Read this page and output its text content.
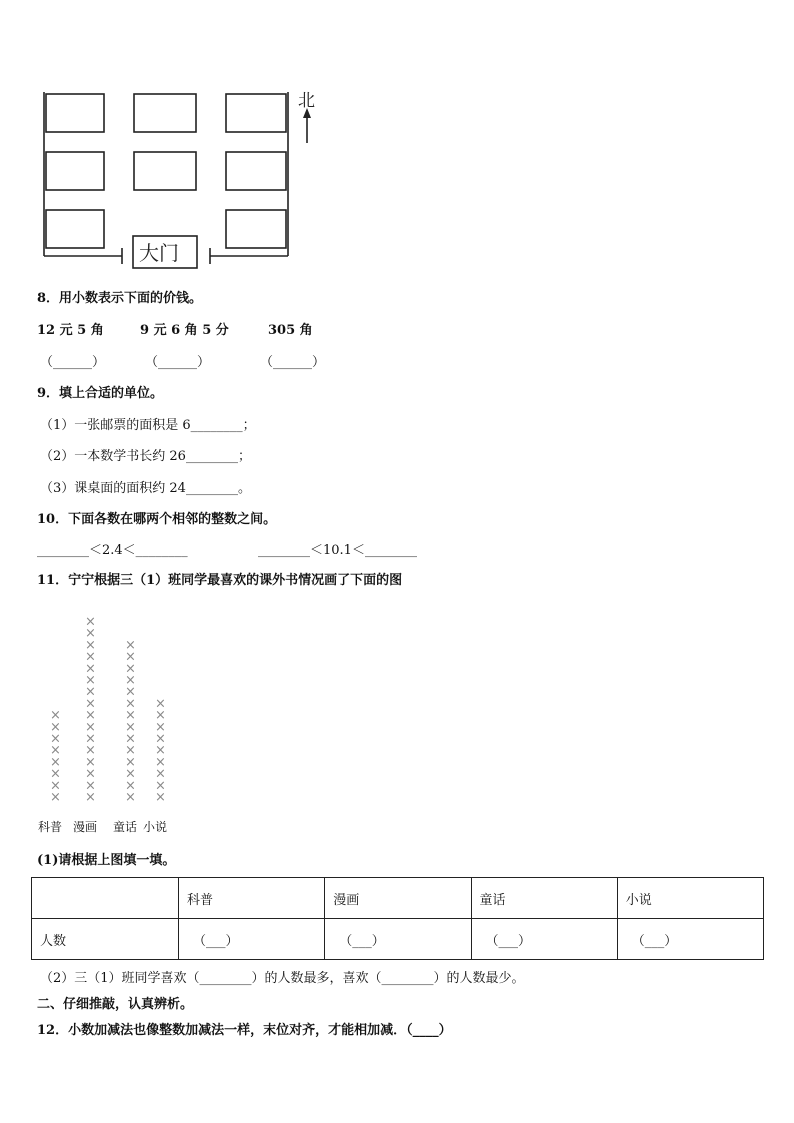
北
大门
8．用小数表示下面的价钱。
12 元 5 角	9 元 6 角 5 分	305 角
（______）	（______）	（______）
9．填上合适的单位。
（1）一张邮票的面积是 6________；
（2）一本数学书长约 26________；
（3）课桌面的面积约 24________。
10．下面各数在哪两个相邻的整数之间。
________＜2.4＜________	________＜10.1＜________
11．宁宁根据三（1）班同学最喜欢的课外书情况画了下面的图
×
×
×
×
×
×
×
×
科普
×
×
×
×
×
×
×
×
×
×
×
×
×
×
×
×
漫画
×
×
×
×
×
×
×
×
×
×
×
×
×
×
童话
×
×
×
×
×
×
×
×
×
小说
(1)请根据上图填一填。
	科普	漫画	童话	小说
人数	（___）	（___）	（___）	（___）
（2）三（1）班同学喜欢（________）的人数最多，喜欢（________）的人数最少。
二、仔细推敲，认真辨析。
12．小数加减法也像整数加减法一样，末位对齐，才能相加减．（____）
